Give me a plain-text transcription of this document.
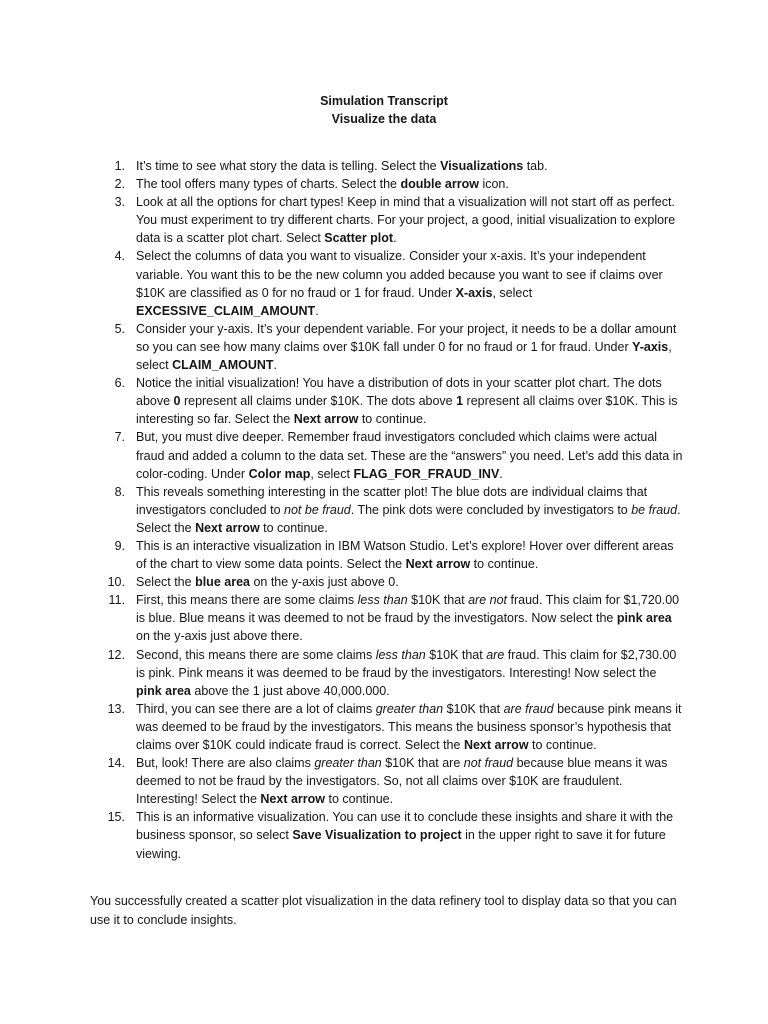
Simulation Transcript
Visualize the data
1. It’s time to see what story the data is telling. Select the Visualizations tab.
2. The tool offers many types of charts. Select the double arrow icon.
3. Look at all the options for chart types! Keep in mind that a visualization will not start off as perfect. You must experiment to try different charts. For your project, a good, initial visualization to explore data is a scatter plot chart. Select Scatter plot.
4. Select the columns of data you want to visualize. Consider your x-axis. It’s your independent variable. You want this to be the new column you added because you want to see if claims over $10K are classified as 0 for no fraud or 1 for fraud. Under X-axis, select EXCESSIVE_CLAIM_AMOUNT.
5. Consider your y-axis. It’s your dependent variable. For your project, it needs to be a dollar amount so you can see how many claims over $10K fall under 0 for no fraud or 1 for fraud. Under Y-axis, select CLAIM_AMOUNT.
6. Notice the initial visualization! You have a distribution of dots in your scatter plot chart. The dots above 0 represent all claims under $10K. The dots above 1 represent all claims over $10K. This is interesting so far. Select the Next arrow to continue.
7. But, you must dive deeper. Remember fraud investigators concluded which claims were actual fraud and added a column to the data set. These are the “answers” you need. Let’s add this data in color-coding. Under Color map, select FLAG_FOR_FRAUD_INV.
8. This reveals something interesting in the scatter plot! The blue dots are individual claims that investigators concluded to not be fraud. The pink dots were concluded by investigators to be fraud. Select the Next arrow to continue.
9. This is an interactive visualization in IBM Watson Studio. Let’s explore! Hover over different areas of the chart to view some data points. Select the Next arrow to continue.
10. Select the blue area on the y-axis just above 0.
11. First, this means there are some claims less than $10K that are not fraud. This claim for $1,720.00 is blue. Blue means it was deemed to not be fraud by the investigators. Now select the pink area on the y-axis just above there.
12. Second, this means there are some claims less than $10K that are fraud. This claim for $2,730.00 is pink. Pink means it was deemed to be fraud by the investigators. Interesting! Now select the pink area above the 1 just above 40,000.000.
13. Third, you can see there are a lot of claims greater than $10K that are fraud because pink means it was deemed to be fraud by the investigators. This means the business sponsor’s hypothesis that claims over $10K could indicate fraud is correct. Select the Next arrow to continue.
14. But, look! There are also claims greater than $10K that are not fraud because blue means it was deemed to not be fraud by the investigators. So, not all claims over $10K are fraudulent. Interesting! Select the Next arrow to continue.
15. This is an informative visualization. You can use it to conclude these insights and share it with the business sponsor, so select Save Visualization to project in the upper right to save it for future viewing.

You successfully created a scatter plot visualization in the data refinery tool to display data so that you can use it to conclude insights.
